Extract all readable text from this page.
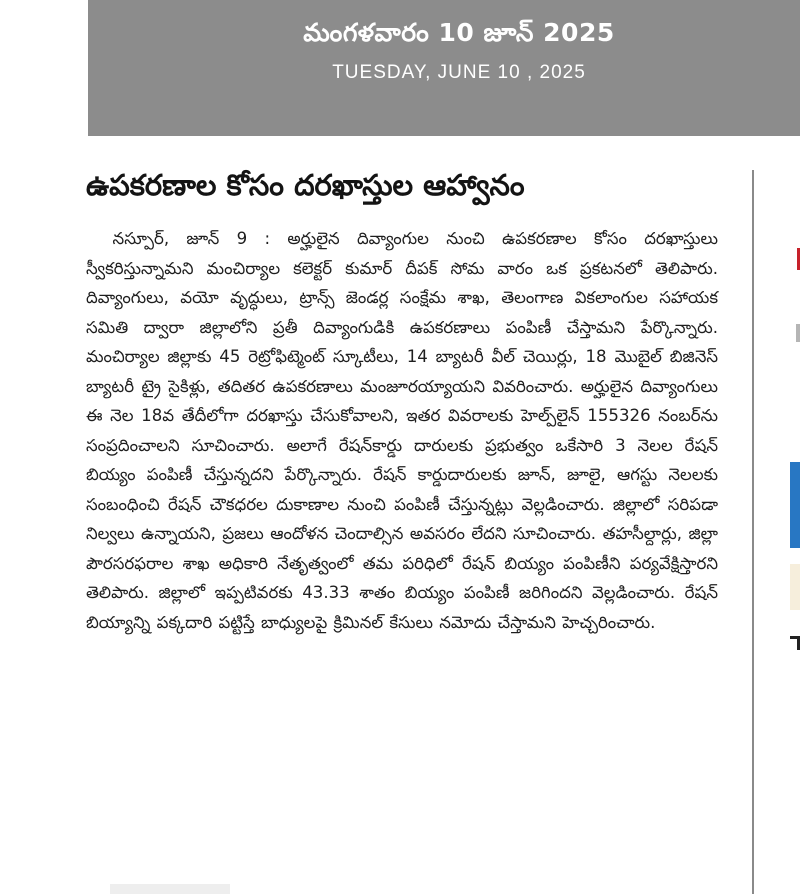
మంగళవారం 10 జూన్ 2025
TUESDAY, JUNE 10 , 2025
ఉపకరణాల కోసం దరఖాస్తుల ఆహ్వానం
నస్పూర్, జూన్ 9 : అర్హులైన దివ్యాంగుల నుంచి ఉపకరణాల కోసం దరఖాస్తులు స్వీకరిస్తున్నామని మంచిర్యాల కలెక్టర్ కుమార్ దీపక్ సోమ వారం ఒక ప్రకటనలో తెలిపారు. దివ్యాంగులు, వయో వృద్ధులు, ట్రాన్స్ జెండర్ల సంక్షేమ శాఖ, తెలంగాణ వికలాంగుల సహాయక సమితి ద్వారా జిల్లాలోని ప్రతీ దివ్యాంగుడికి ఉపకరణాలు పంపిణీ చేస్తామని పేర్కొన్నారు. మంచిర్యాల జిల్లాకు 45 రెట్రోఫిట్మెంట్ స్కూటీలు, 14 బ్యాటరీ వీల్ చెయిర్లు, 18 మొబైల్ బిజినెస్ బ్యాటరీ ట్రై సైకిళ్లు, తదితర ఉపకరణాలు మంజూరయ్యాయని వివరించారు. అర్హులైన దివ్యాంగులు ఈ నెల 18వ తేదీలోగా దరఖాస్తు చేసుకోవాలని, ఇతర వివరాలకు హెల్ప్‌లైన్ 155326 నంబర్‌ను సంప్రదించాలని సూచించారు. అలాగే రేషన్‌కార్డు దారులకు ప్రభుత్వం ఒకేసారి 3 నెలల రేషన్ బియ్యం పంపిణీ చేస్తున్నదని పేర్కొన్నారు. రేషన్ కార్డుదారులకు జూన్, జూలై, ఆగస్టు నెలలకు సంబంధించి రేషన్ చౌకధరల దుకాణాల నుంచి పంపిణీ చేస్తున్నట్లు వెల్లడించారు. జిల్లాలో సరిపడా నిల్వలు ఉన్నాయని, ప్రజలు ఆందోళన చెందాల్సిన అవసరం లేదని సూచించారు. తహసీల్దార్లు, జిల్లా పౌరసరఫరాల శాఖ అధికారి నేతృత్వంలో తమ పరిధిలో రేషన్ బియ్యం పంపిణీని పర్యవేక్షిస్తారని తెలిపారు. జిల్లాలో ఇప్పటివరకు 43.33 శాతం బియ్యం పంపిణీ జరిగిందని వెల్లడించారు. రేషన్ బియ్యాన్ని పక్కదారి పట్టిస్తే బాధ్యులపై క్రిమినల్ కేసులు నమోదు చేస్తామని హెచ్చరించారు.
